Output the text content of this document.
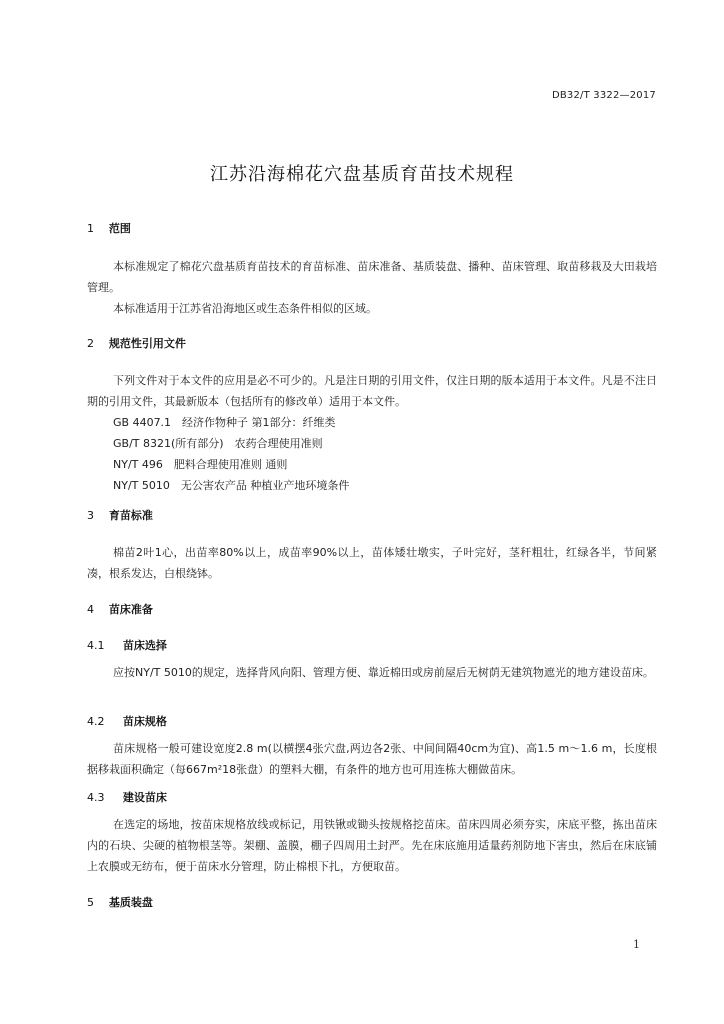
DB32/T 3322—2017
江苏沿海棉花穴盘基质育苗技术规程
1 范围
本标准规定了棉花穴盘基质育苗技术的育苗标准、苗床准备、基质装盘、播种、苗床管理、取苗移栽及大田栽培管理。
本标准适用于江苏省沿海地区或生态条件相似的区域。
2 规范性引用文件
下列文件对于本文件的应用是必不可少的。凡是注日期的引用文件，仅注日期的版本适用于本文件。凡是不注日期的引用文件，其最新版本（包括所有的修改单）适用于本文件。
GB 4407.1　经济作物种子 第1部分：纤维类
GB/T 8321(所有部分)　农药合理使用准则
NY/T 496　肥料合理使用准则 通则
NY/T 5010　无公害农产品 种植业产地环境条件
3 育苗标准
棉苗2叶1心，出苗率80%以上，成苗率90%以上，苗体矮壮墩实，子叶完好，茎秆粗壮，红绿各半，节间紧凑，根系发达，白根绕钵。
4 苗床准备
4.1 苗床选择
应按NY/T 5010的规定，选择背风向阳、管理方便、靠近棉田或房前屋后无树荫无建筑物遮光的地方建设苗床。
4.2 苗床规格
苗床规格一般可建设宽度2.8 m(以横摆4张穴盘,两边各2张、中间间隔40cm为宜)、高1.5 m～1.6 m，长度根据移栽面积确定（每667m²18张盘）的塑料大棚，有条件的地方也可用连栋大棚做苗床。
4.3 建设苗床
在选定的场地，按苗床规格放线或标记，用铁锹或锄头按规格挖苗床。苗床四周必须夯实，床底平整，拣出苗床内的石块、尖硬的植物根茎等。架棚、盖膜，棚子四周用土封严。先在床底施用适量药剂防地下害虫，然后在床底铺上农膜或无纺布，便于苗床水分管理，防止棉根下扎，方便取苗。
5 基质装盘
1
